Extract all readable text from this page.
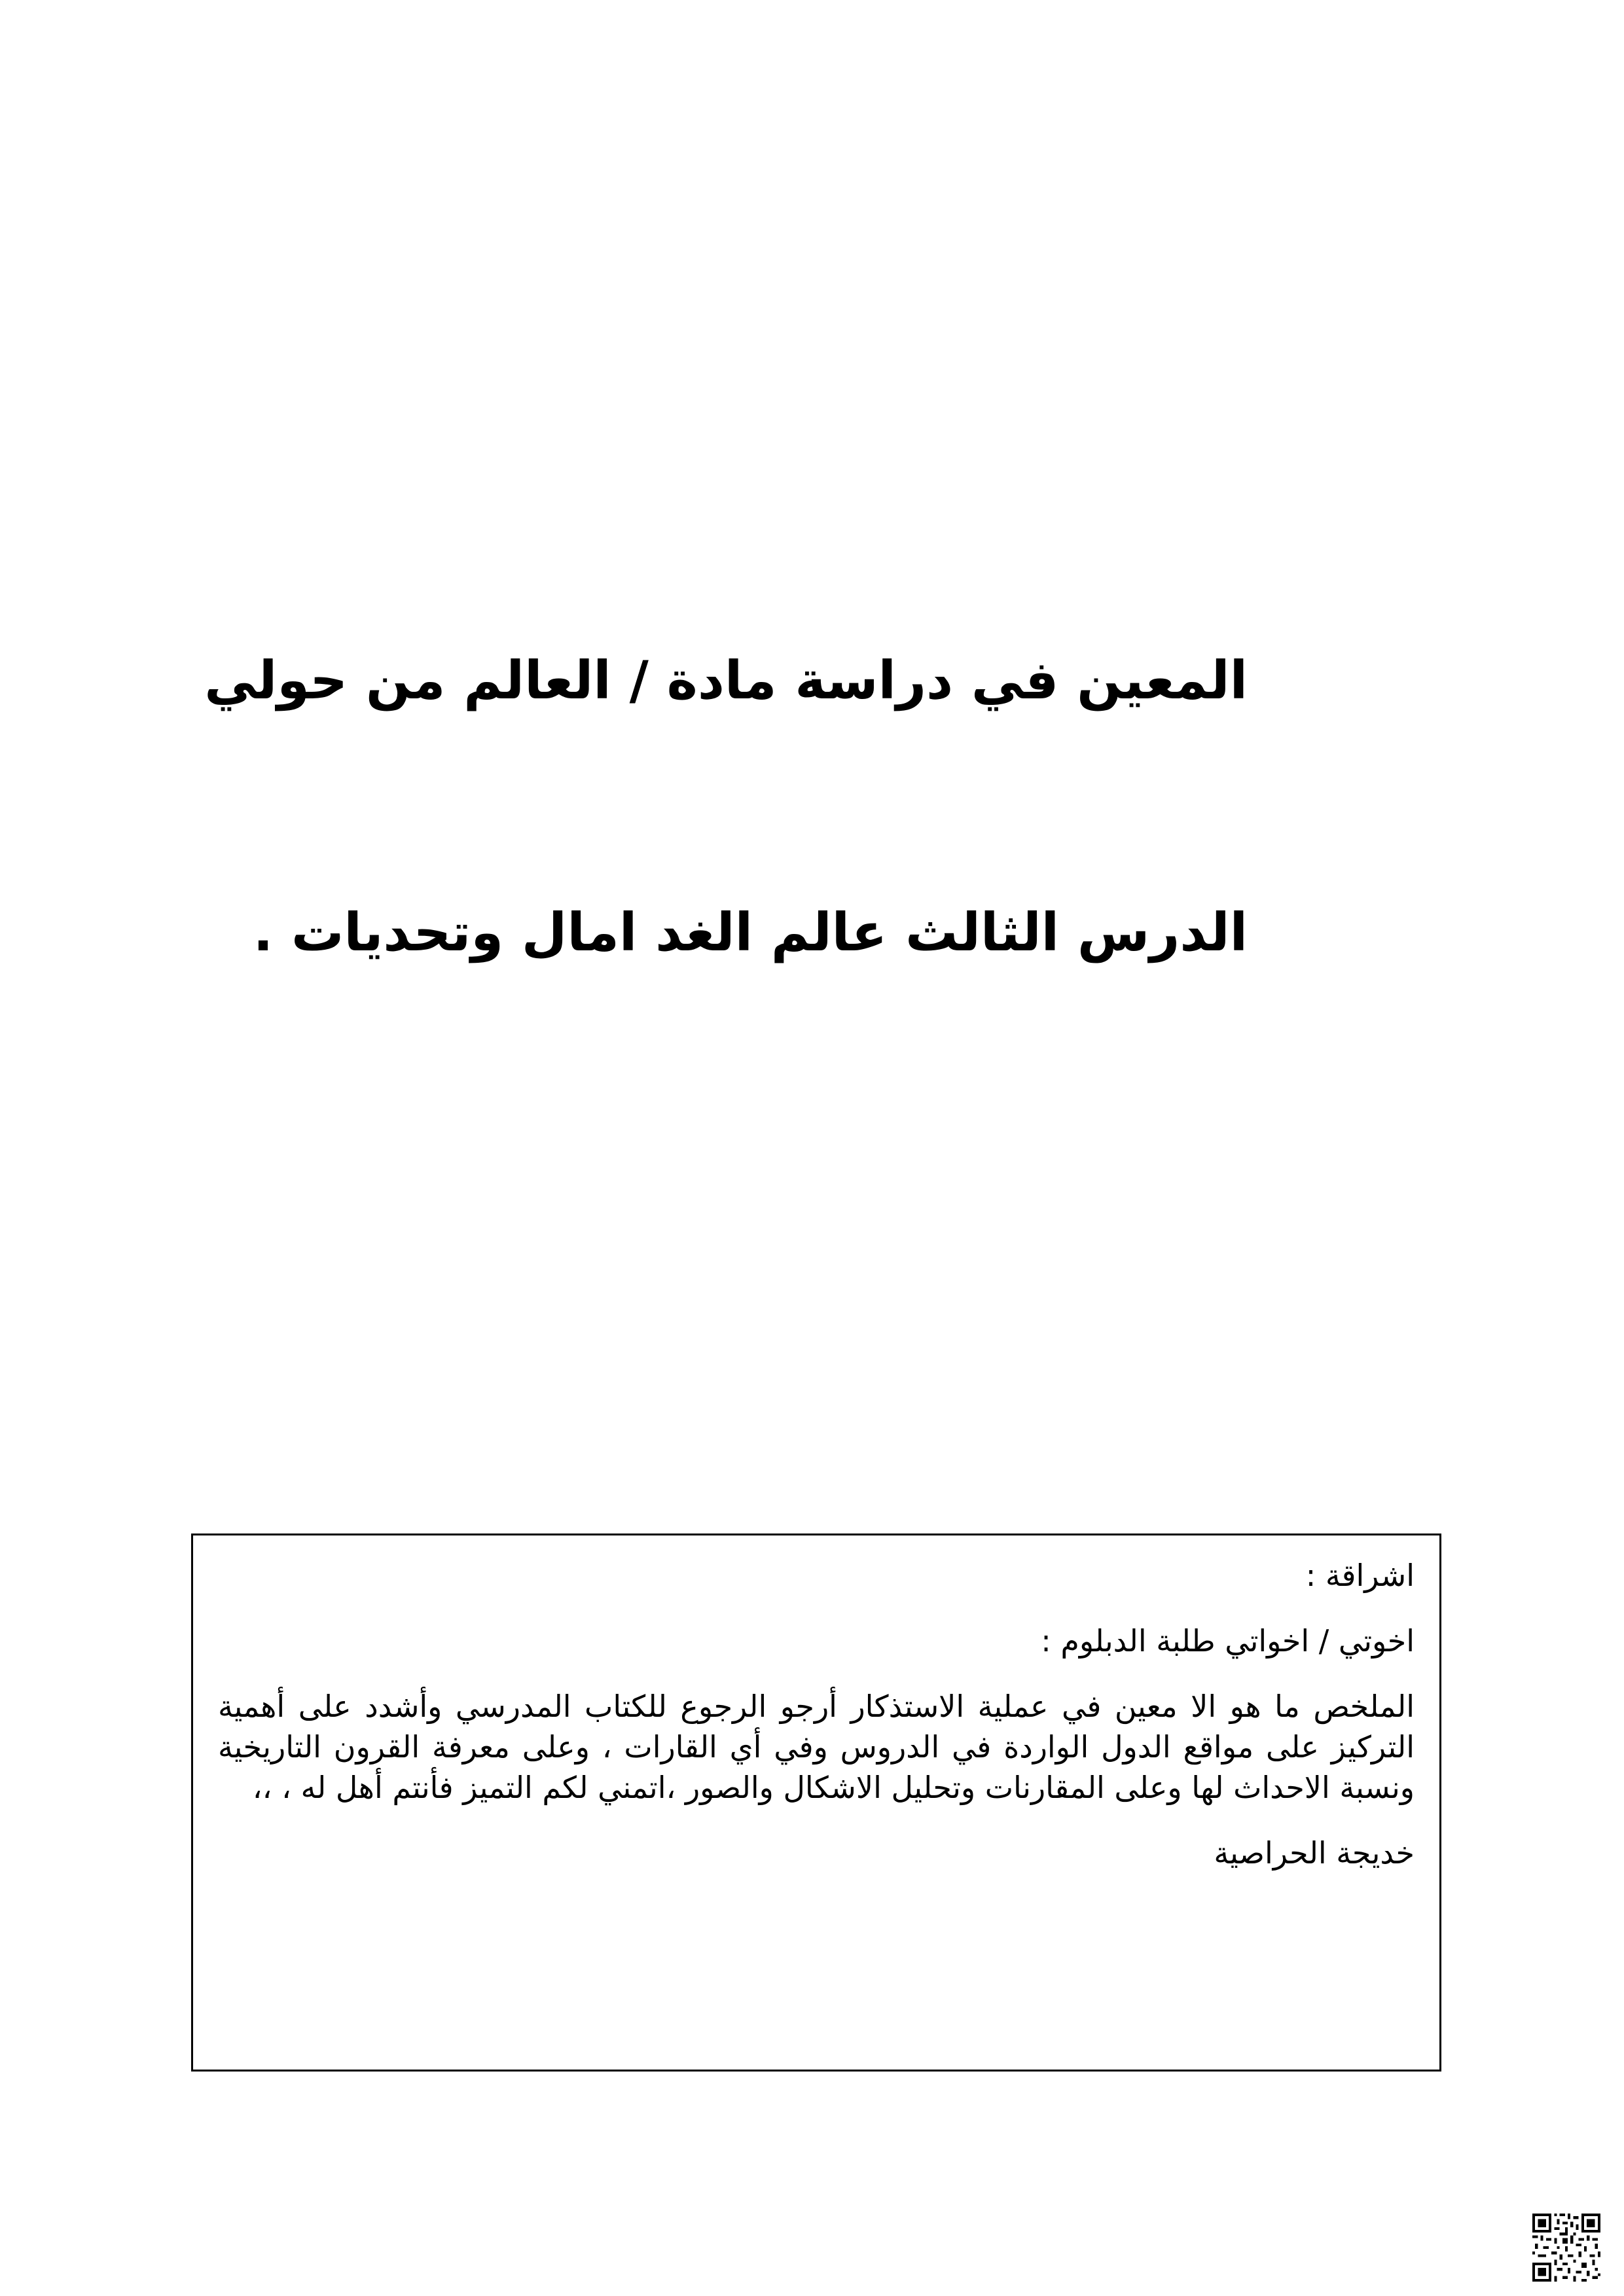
المعين في دراسة مادة / العالم من حولي
الدرس الثالث عالم الغد امال وتحديات .

اشراقة :

اخوتي / اخواتي طلبة الدبلوم :

الملخص ما هو الا معين في عملية الاستذكار أرجو الرجوع للكتاب المدرسي وأشدد على أهمية التركيز على مواقع الدول الواردة في الدروس وفي أي القارات ، وعلى معرفة القرون التاريخية ونسبة الاحداث لها وعلى المقارنات وتحليل الاشكال والصور ،اتمني لكم التميز فأنتم أهل له ، ،،

خديجة الحراصية
